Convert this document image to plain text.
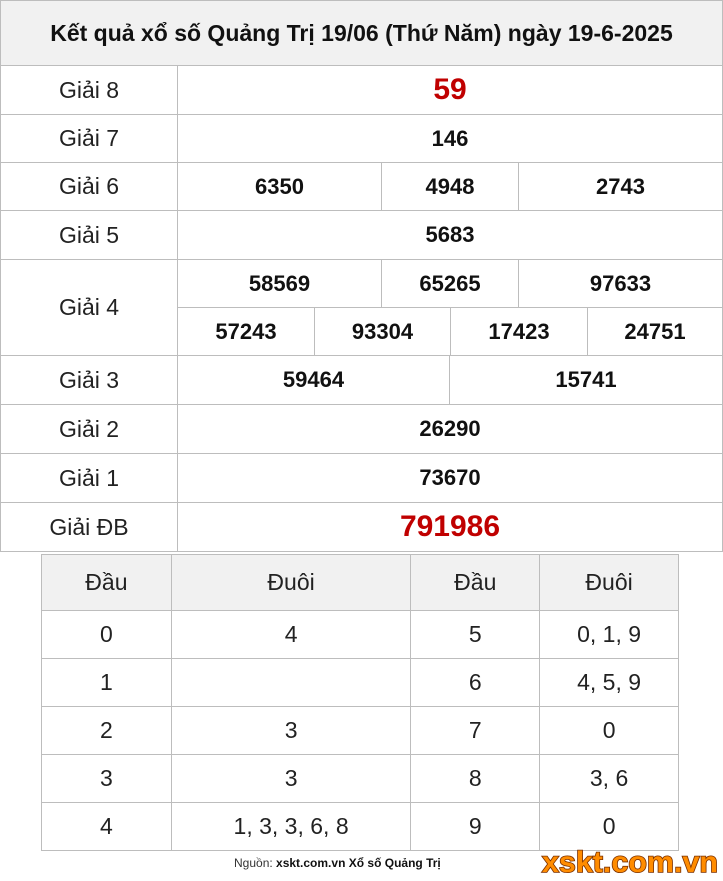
Kết quả xổ số Quảng Trị 19/06 (Thứ Năm) ngày 19-6-2025
Giải 8	59
Giải 7	146
Giải 6	6350	4948	2743
Giải 5	5683
Giải 4
58569	65265	97633
57243	93304	17423	24751
Giải 3	59464	15741
Giải 2	26290
Giải 1	73670
Giải ĐB	791986
Đầu	Đuôi	Đầu	Đuôi
0	4	5	0, 1, 9
1		6	4, 5, 9
2	3	7	0
3	3	8	3, 6
4	1, 3, 3, 6, 8	9	0
Nguồn: xskt.com.vn Xổ số Quảng Trị	xskt.com.vn
